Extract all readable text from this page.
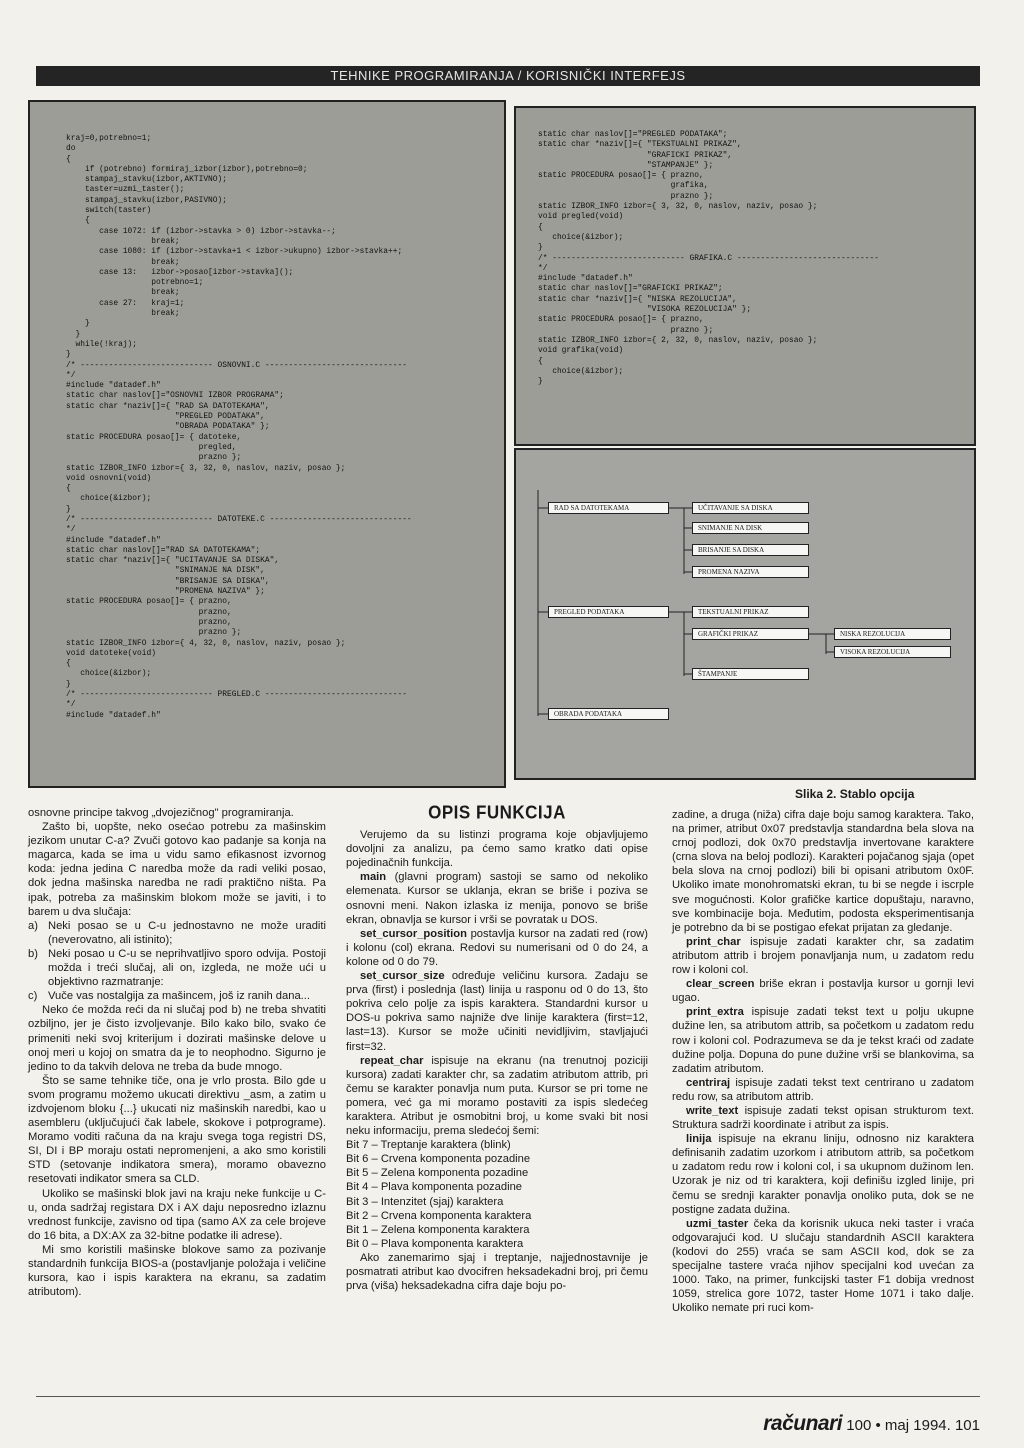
TEHNIKE PROGRAMIRANJA / KORISNIČKI INTERFEJS
kraj=0,potrebno=1;
do
{
if (potrebno) formiraj_izbor(izbor),potrebno=0;
stampaj_stavku(izbor,AKTIVNO);
taster=uzmi_taster();
stampaj_stavku(izbor,PASIVNO);
switch(taster)
{
case 1072: if (izbor->stavka > 0) izbor->stavka--;
break;
case 1080: if (izbor->stavka+1 < izbor->ukupno) izbor->stavka++;
break;
case 13:   izbor->posao[izbor->stavka]();
potrebno=1;
break;
case 27:   kraj=1;
break;
}
}
while(!kraj);
}
/* ---------------------------- OSNOVNI.C ------------------------------
*/
#include "datadef.h"
static char naslov[]="OSNOVNI IZBOR PROGRAMA";
static char *naziv[]={ "RAD SA DATOTEKAMA",
"PREGLED PODATAKA",
"OBRADA PODATAKA" };
static PROCEDURA posao[]= { datoteke,
pregled,
prazno };
static IZBOR_INFO izbor={ 3, 32, 0, naslov, naziv, posao };
void osnovni(void)
{
choice(&izbor);
}
/* ---------------------------- DATOTEKE.C ------------------------------
*/
#include "datadef.h"
static char naslov[]="RAD SA DATOTEKAMA";
static char *naziv[]={ "UCITAVANJE SA DISKA",
"SNIMANJE NA DISK",
"BRISANJE SA DISKA",
"PROMENA NAZIVA" };
static PROCEDURA posao[]= { prazno,
prazno,
prazno,
prazno };
static IZBOR_INFO izbor={ 4, 32, 0, naslov, naziv, posao };
void datoteke(void)
{
choice(&izbor);
}
/* ---------------------------- PREGLED.C ------------------------------
*/
#include "datadef.h"
static char naslov[]="PREGLED PODATAKA";
static char *naziv[]={ "TEKSTUALNI PRIKAZ",
"GRAFICKI PRIKAZ",
"STAMPANJE" };
static PROCEDURA posao[]= { prazno,
grafika,
prazno };
static IZBOR_INFO izbor={ 3, 32, 0, naslov, naziv, posao };
void pregled(void)
{
choice(&izbor);
}
/* ---------------------------- GRAFIKA.C ------------------------------
*/
#include "datadef.h"
static char naslov[]="GRAFICKI PRIKAZ";
static char *naziv[]={ "NISKA REZOLUCIJA",
"VISOKA REZOLUCIJA" };
static PROCEDURA posao[]= { prazno,
prazno };
static IZBOR_INFO izbor={ 2, 32, 0, naslov, naziv, posao };
void grafika(void)
{
choice(&izbor);
}
RAD SA DATOTEKAMA
PREGLED PODATAKA
OBRADA PODATAKA
UČITAVANJE SA DISKA
SNIMANJE NA DISK
BRISANJE SA DISKA
PROMENA NAZIVA
TEKSTUALNI PRIKAZ
GRAFIČKI PRIKAZ
ŠTAMPANJE
NISKA REZOLUCIJA
VISOKA REZOLUCIJA
Slika 2. Stablo opcija

osnovne principe takvog „dvojezičnog" programiranja.

Zašto bi, uopšte, neko osećao potrebu za mašinskim jezikom unutar C-a? Zvuči gotovo kao padanje sa konja na magarca, kada se ima u vidu samo efikasnost izvornog koda: jedna jedina C naredba može da radi veliki posao, dok jedna mašinska naredba ne radi praktično ništa. Pa ipak, potreba za mašinskim blokom može se javiti, i to barem u dva slučaja:

a) Neki posao se u C-u jednostavno ne može uraditi (neverovatno, ali istinito);
b) Neki posao u C-u se neprihvatljivo sporo odvija. Postoji možda i treći slučaj, ali on, izgleda, ne može ući u objektivno razmatranje:
c) Vuče vas nostalgija za mašincem, još iz ranih dana...

Neko će možda reći da ni slučaj pod b) ne treba shvatiti ozbiljno, jer je čisto izvoljevanje. Bilo kako bilo, svako će primeniti neki svoj kriterijum i dozirati mašinske delove u onoj meri u kojoj on smatra da je to neophodno. Sigurno je jedino to da takvih delova ne treba da bude mnogo.

Što se same tehnike tiče, ona je vrlo prosta. Bilo gde u svom programu možemo ukucati direktivu _asm, a zatim u izdvojenom bloku {...} ukucati niz mašinskih naredbi, kao u asembleru (uključujući čak labele, skokove i potprograme). Moramo voditi računa da na kraju svega toga registri DS, SI, DI i BP moraju ostati nepromenjeni, a ako smo koristili STD (setovanje indikatora smera), moramo obavezno resetovati indikator smera sa CLD.

Ukoliko se mašinski blok javi na kraju neke funkcije u C-u, onda sadržaj registara DX i AX daju neposredno izlaznu vrednost funkcije, zavisno od tipa (samo AX za cele brojeve do 16 bita, a DX:AX za 32-bitne podatke ili adrese).

Mi smo koristili mašinske blokove samo za pozivanje standardnih funkcija BIOS-a (postavljanje položaja i veličine kursora, kao i ispis karaktera na ekranu, sa zadatim atributom).

OPIS FUNKCIJA

Verujemo da su listinzi programa koje objavljujemo dovoljni za analizu, pa ćemo samo kratko dati opise pojedinačnih funkcija.

main (glavni program) sastoji se samo od nekoliko elemenata. Kursor se uklanja, ekran se briše i poziva se osnovni meni. Nakon izlaska iz menija, ponovo se briše ekran, obnavlja se kursor i vrši se povratak u DOS.

set_cursor_position postavlja kursor na zadati red (row) i kolonu (col) ekrana. Redovi su numerisani od 0 do 24, a kolone od 0 do 79.

set_cursor_size određuje veličinu kursora. Zadaju se prva (first) i poslednja (last) linija u rasponu od 0 do 13, što pokriva celo polje za ispis karaktera. Standardni kursor u DOS-u pokriva samo najniže dve linije karaktera (first=12, last=13). Kursor se može učiniti nevidljivim, stavljajući first=32.

repeat_char ispisuje na ekranu (na trenutnoj poziciji kursora) zadati karakter chr, sa zadatim atributom attrib, pri čemu se karakter ponavlja num puta. Kursor se pri tome ne pomera, već ga mi moramo postaviti za ispis sledećeg karaktera. Atribut je osmobitni broj, u kome svaki bit nosi neku informaciju, prema sledećoj šemi:

Bit 7 – Treptanje karaktera (blink)

Bit 6 – Crvena komponenta pozadine

Bit 5 – Zelena komponenta pozadine

Bit 4 – Plava komponenta pozadine

Bit 3 – Intenzitet (sjaj) karaktera

Bit 2 – Crvena komponenta karaktera

Bit 1 – Zelena komponenta karaktera

Bit 0 – Plava komponenta karaktera

Ako zanemarimo sjaj i treptanje, najjednostavnije je posmatrati atribut kao dvocifren heksadekadni broj, pri čemu prva (viša) heksadekadna cifra daje boju po-

zadine, a druga (niža) cifra daje boju samog karaktera. Tako, na primer, atribut 0x07 predstavlja standardna bela slova na crnoj podlozi, dok 0x70 predstavlja invertovane karaktere (crna slova na beloj podlozi). Karakteri pojačanog sjaja (opet bela slova na crnoj podlozi) bili bi opisani atributom 0x0F. Ukoliko imate monohromatski ekran, tu bi se negde i iscrple sve mogućnosti. Kolor grafičke kartice dopuštaju, naravno, sve kombinacije boja. Međutim, podosta eksperimentisanja je potrebno da bi se postigao efekat prijatan za gledanje.

print_char ispisuje zadati karakter chr, sa zadatim atributom attrib i brojem ponavljanja num, u zadatom redu row i koloni col.

clear_screen briše ekran i postavlja kursor u gornji levi ugao.

print_extra ispisuje zadati tekst text u polju ukupne dužine len, sa atributom attrib, sa početkom u zadatom redu row i koloni col. Podrazumeva se da je tekst kraći od zadate dužine polja. Dopuna do pune dužine vrši se blankovima, sa zadatim atributom.

centriraj ispisuje zadati tekst text centrirano u zadatom redu row, sa atributom attrib.

write_text ispisuje zadati tekst opisan strukturom text. Struktura sadrži koordinate i atribut za ispis.

linija ispisuje na ekranu liniju, odnosno niz karaktera definisanih zadatim uzorkom i atributom attrib, sa početkom u zadatom redu row i koloni col, i sa ukupnom dužinom len. Uzorak je niz od tri karaktera, koji definišu izgled linije, pri čemu se srednji karakter ponavlja onoliko puta, dok se ne postigne zadata dužina.

uzmi_taster čeka da korisnik ukuca neki taster i vraća odgovarajući kod. U slučaju standardnih ASCII karaktera (kodovi do 255) vraća se sam ASCII kod, dok se za specijalne tastere vraća njihov specijalni kod uvećan za 1000. Tako, na primer, funkcijski taster F1 dobija vrednost 1059, strelica gore 1072, taster Home 1071 i tako dalje. Ukoliko nemate pri ruci kom-

računari 100 • maj 1994. 101
